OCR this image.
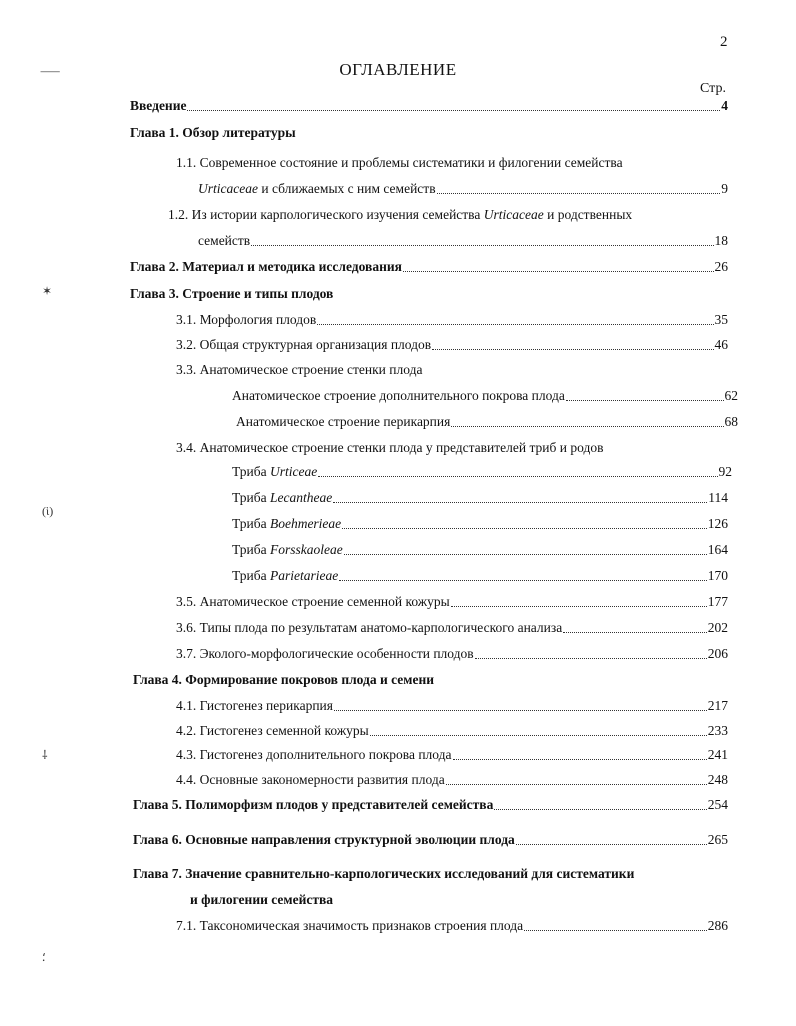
2
ОГЛАВЛЕНИЕ
Стр.
⸺
Введение	4
Глава 1. Обзор литературы
1.1. Современное состояние и проблемы систематики и филогении семейства
Urticaceae и сближаемых с ним семейств	9
1.2. Из истории карпологического изучения семейства Urticaceae и родственных
семейств	18
Глава 2. Материал и методика исследования	26
✶	Глава 3. Строение и типы плодов
3.1. Морфология плодов	35
3.2. Общая структурная организация плодов	46
3.3. Анатомическое строение стенки плода
Анатомическое строение дополнительного покрова плода	62
Анатомическое строение перикарпия	68
3.4. Анатомическое строение стенки плода у представителей триб и родов
Триба Urticeae	92
Триба Lecantheae	114
(ὶ)
Триба Boehmerieae	126
Триба Forsskaoleae	164
Триба Parietarieae	170
3.5. Анатомическое строение семенной кожуры	177
3.6. Типы плода по результатам анатомо-карпологического анализа	202
3.7. Эколого-морфологические особенности плодов	206
Глава 4. Формирование покровов плода и семени
4.1. Гистогенез перикарпия	217
4.2. Гистогенез семенной кожуры	233
⸸	4.3. Гистогенез дополнительного покрова плода	241
4.4. Основные закономерности развития плода	248
Глава 5. Полиморфизм плодов у представителей семейства	254
Глава 6. Основные направления структурной эволюции плода	265
Глава 7. Значение сравнительно-карпологических исследований для систематики
и филогении семейства
7.1. Таксономическая значимость признаков строения плода	286
⸵
